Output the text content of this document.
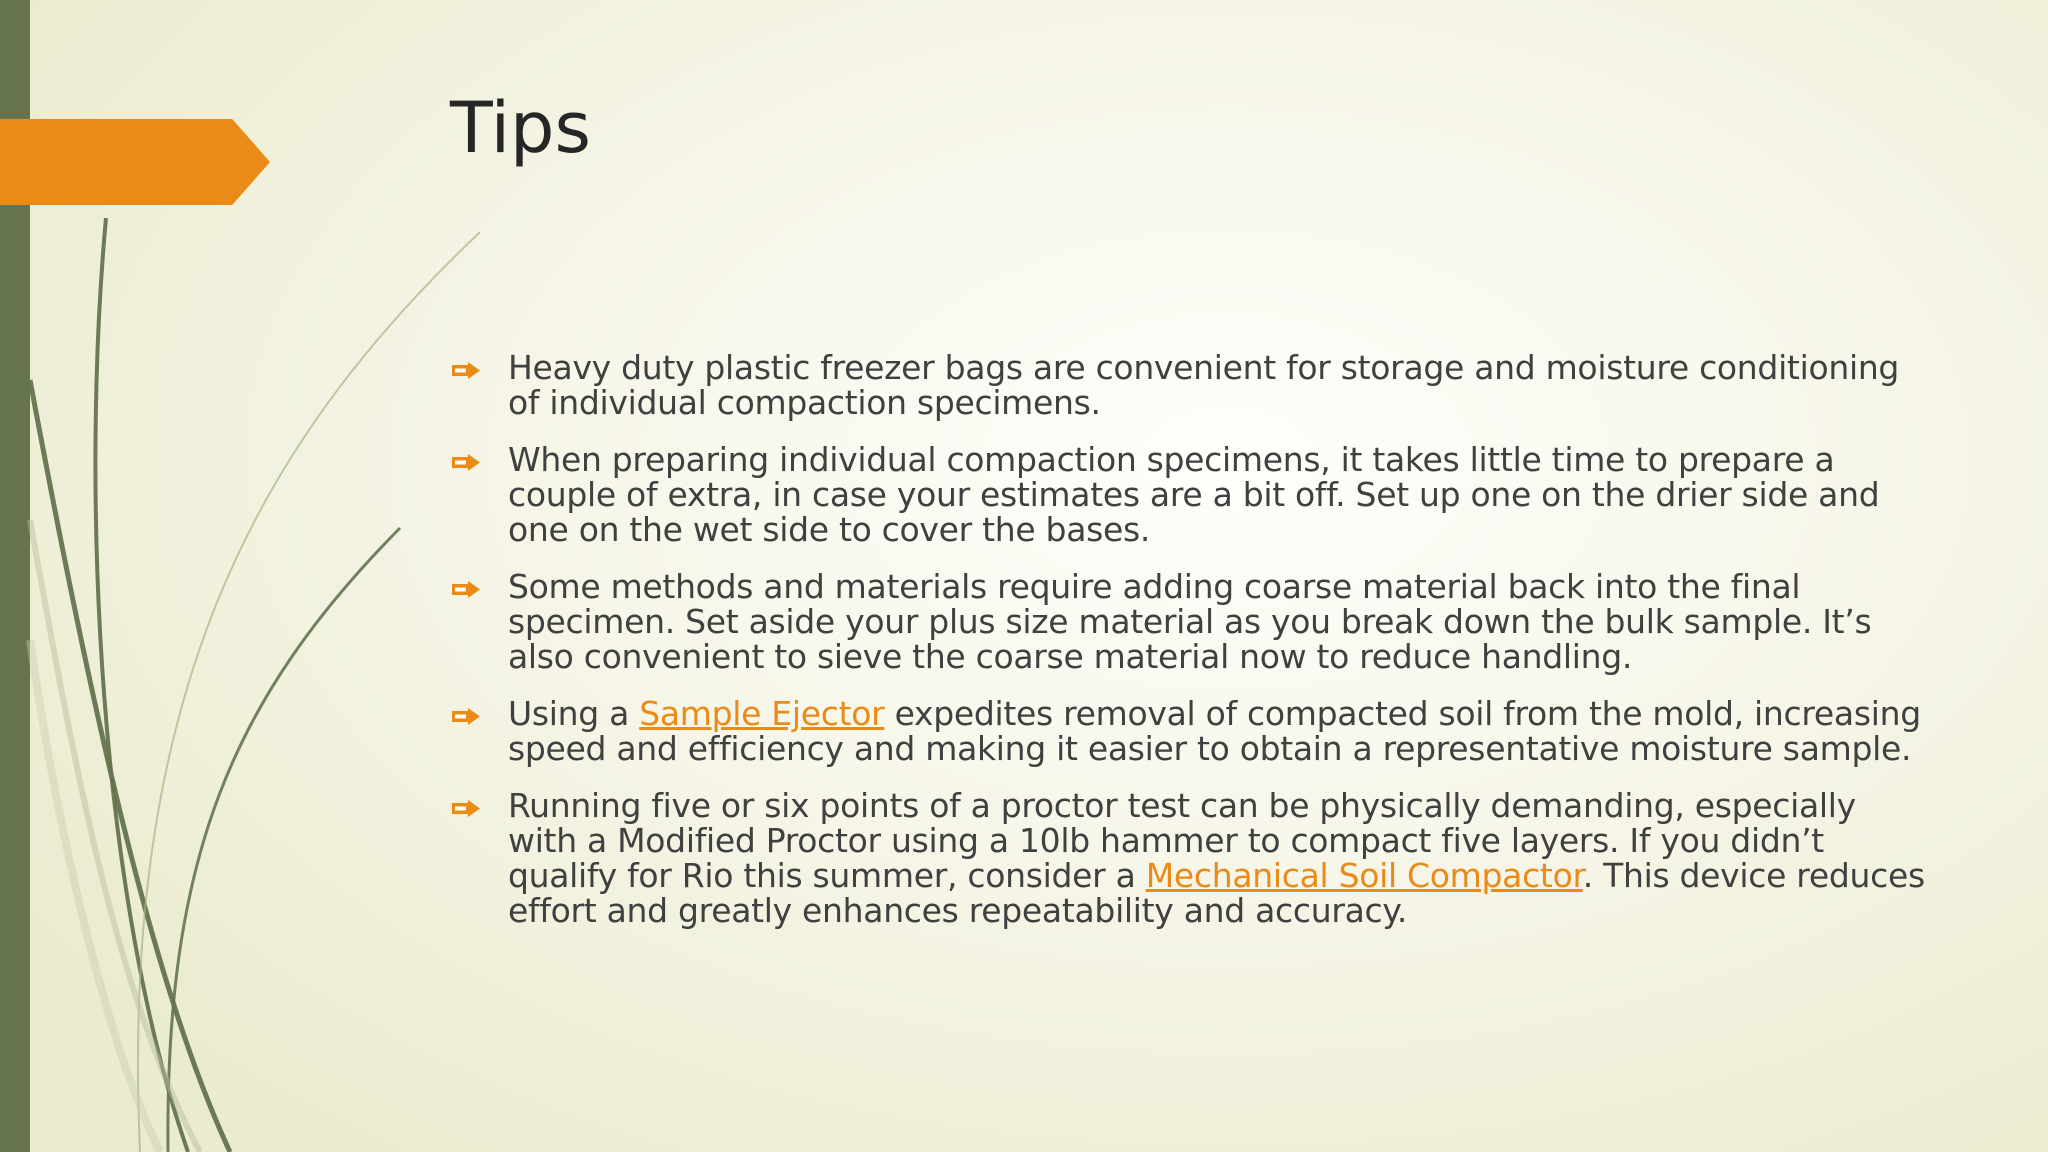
Tips
Heavy duty plastic freezer bags are convenient for storage and moisture conditioning of individual compaction specimens.
When preparing individual compaction specimens, it takes little time to prepare a couple of extra, in case your estimates are a bit off. Set up one on the drier side and one on the wet side to cover the bases.
Some methods and materials require adding coarse material back into the final specimen. Set aside your plus size material as you break down the bulk sample. It’s also convenient to sieve the coarse material now to reduce handling.
Using a Sample Ejector expedites removal of compacted soil from the mold, increasing speed and efficiency and making it easier to obtain a representative moisture sample.
Running five or six points of a proctor test can be physically demanding, especially with a Modified Proctor using a 10lb hammer to compact five layers. If you didn’t qualify for Rio this summer, consider a Mechanical Soil Compactor. This device reduces effort and greatly enhances repeatability and accuracy.
